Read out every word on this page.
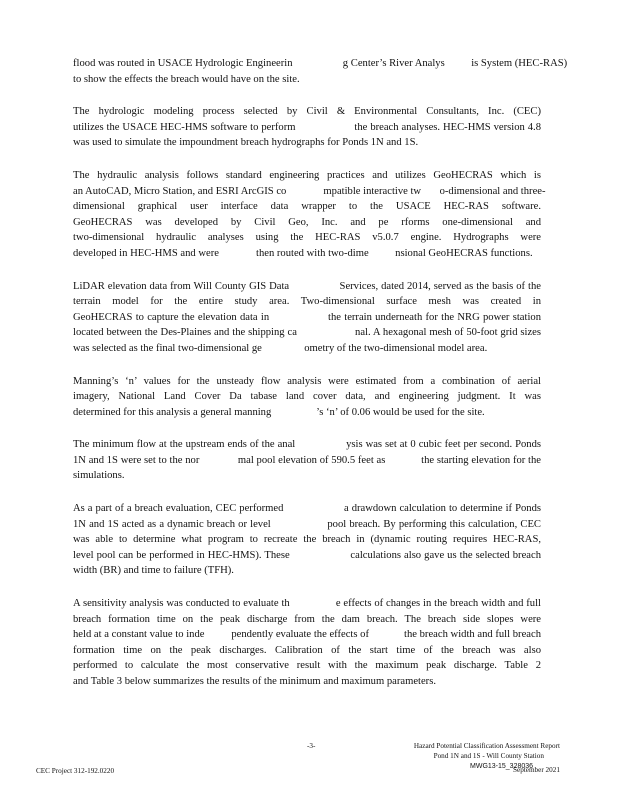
flood was routed in USACE Hydrologic Engineerin                   g Center’s River Analys          is System (HEC-RAS)
to show the effects the breach would have on the site.
The hydrologic modeling process selected by Civil & Environmental Consultants, Inc. (CEC)
utilizes the USACE HEC-HMS software to perform                    the breach analyses. HEC-HMS version 4.8
was used to simulate the impoundment breach hydrographs for Ponds 1N and 1S.
The hydraulic analysis follows standard engineering practices and utilizes GeoHECRAS which is
an AutoCAD, Micro Station, and ESRI ArcGIS co              mpatible interactive tw       o-dimensional and three-
dimensional graphical user interface data wrapper to the USACE HEC-RAS software.
GeoHECRAS was developed by Civil Geo, Inc. and pe rforms one-dimensional and
two-dimensional hydraulic analyses using the HEC-RAS v5.0.7 engine. Hydrographs were
developed in HEC-HMS and were              then routed with two-dime          nsional GeoHECRAS functions.
LiDAR elevation data from Will County GIS Data                 Services, dated 2014, served as the basis of the
terrain model for the entire study area. Two-dimensional surface mesh was created in
GeoHECRAS to capture the elevation data in                  the terrain underneath for the NRG power station
located between the Des-Plaines and the shipping ca                    nal. A hexagonal mesh of 50-foot grid sizes
was selected as the final two-dimensional ge                ometry of the two-dimensional model area.
Manning’s ‘n’ values for the unsteady flow analysis were estimated from a combination of aerial
imagery, National Land Cover Da tabase land cover data, and engineering judgment. It was
determined for this analysis a general manning                 ’s ‘n’ of 0.06 would be used for the site.
The minimum flow at the upstream ends of the anal                 ysis was set at 0 cubic feet per second. Ponds
1N and 1S were set to the nor              mal pool elevation of 590.5 feet as             the starting elevation for the
simulations.
As a part of a breach evaluation, CEC performed                    a drawdown calculation to determine if Ponds
1N and 1S acted as a dynamic breach or level                  pool breach. By performing this calculation, CEC
was able to determine what program to recreate the breach in (dynamic routing requires HEC-RAS,
level pool can be performed in HEC-HMS). These                    calculations also gave us the selected breach
width (BR) and time to failure (TFH).
A sensitivity analysis was conducted to evaluate th                e effects of changes in the breach width and full
breach formation time on the peak discharge from the dam breach. The breach side slopes were
held at a constant value to inde          pendently evaluate the effects of             the breach width and full breach
formation time on the peak discharges. Calibration of the start time of the breach was also
performed to calculate the most conservative result with the maximum peak discharge. Table 2
and Table 3 below summarizes the results of the minimum and maximum parameters.
-3-	Hazard Potential Classification Assessment Report
Pond 1N and 1S - Will County Station
MWG13-15_328036
September 2021
CEC Project 312-192.0220
